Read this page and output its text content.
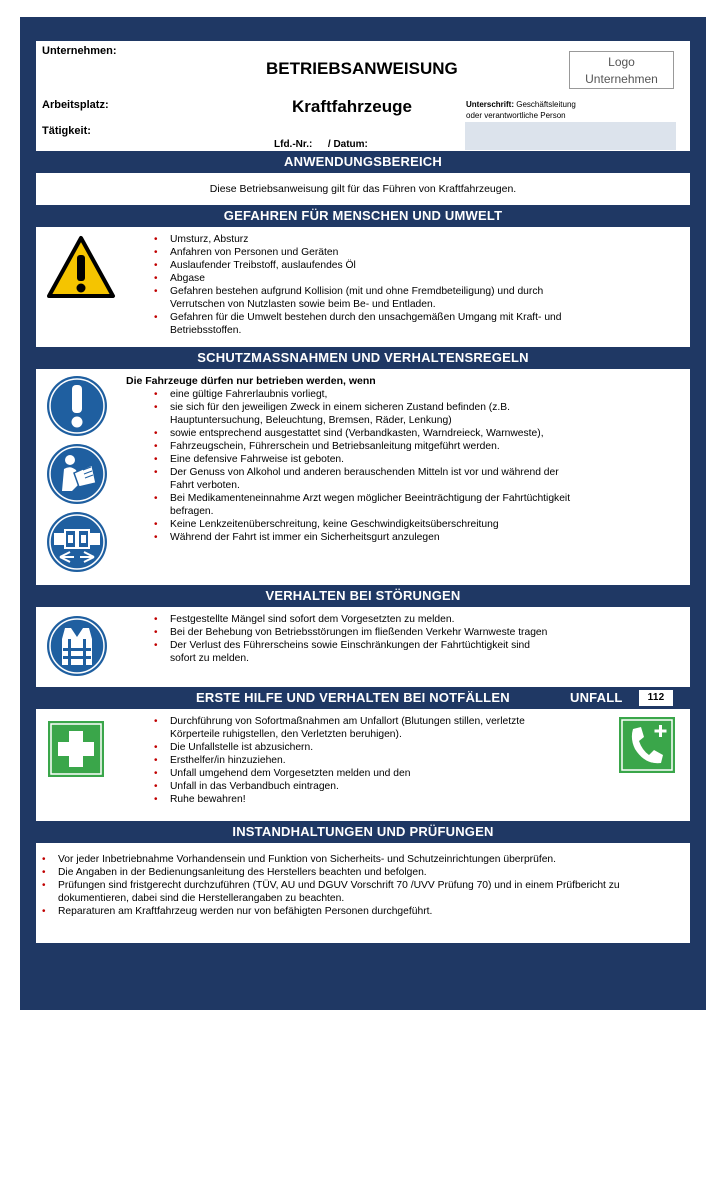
Unternehmen:
BETRIEBSANWEISUNG	Logo
Unternehmen
Arbeitsplatz:	Kraftfahrzeuge	Unterschrift: Geschäftsleitung
oder verantwortliche Person
Tätigkeit:
Lfd.-Nr.: / Datum:
ANWENDUNGSBEREICH
Diese Betriebsanweisung gilt für das Führen von Kraftfahrzeugen.
GEFAHREN FÜR MENSCHEN UND UMWELT
• Umsturz, Absturz
• Anfahren von Personen und Geräten
• Auslaufender Treibstoff, auslaufendes Öl
• Abgase
• Gefahren bestehen aufgrund Kollision (mit und ohne Fremdbeteiligung) und durch Verrutschen von Nutzlasten sowie beim Be- und Entladen.
• Gefahren für die Umwelt bestehen durch den unsachgemäßen Umgang mit Kraft- und Betriebsstoffen.
SCHUTZMASSNAHMEN UND VERHALTENSREGELN
Die Fahrzeuge dürfen nur betrieben werden, wenn
• eine gültige Fahrerlaubnis vorliegt,
• sie sich für den jeweiligen Zweck in einem sicheren Zustand befinden (z.B. Hauptuntersuchung, Beleuchtung, Bremsen, Räder, Lenkung)
• sowie entsprechend ausgestattet sind (Verbandkasten, Warndreieck, Warnweste),
• Fahrzeugschein, Führerschein und Betriebsanleitung mitgeführt werden.
• Eine defensive Fahrweise ist geboten.
• Der Genuss von Alkohol und anderen berauschenden Mitteln ist vor und während der Fahrt verboten.
• Bei Medikamenteneinnahme Arzt wegen möglicher Beeinträchtigung der Fahrtüchtigkeit befragen.
• Keine Lenkzeitenüberschreitung, keine Geschwindigkeitsüberschreitung
• Während der Fahrt ist immer ein Sicherheitsgurt anzulegen
VERHALTEN BEI STÖRUNGEN
• Festgestellte Mängel sind sofort dem Vorgesetzten zu melden.
• Bei der Behebung von Betriebsstörungen im fließenden Verkehr Warnweste tragen
• Der Verlust des Führerscheins sowie Einschränkungen der Fahrtüchtigkeit sind sofort zu melden.
ERSTE HILFE UND VERHALTEN BEI NOTFÄLLEN	UNFALL	112
• Durchführung von Sofortmaßnahmen am Unfallort (Blutungen stillen, verletzte Körperteile ruhigstellen, den Verletzten beruhigen).
• Die Unfallstelle ist abzusichern.
• Ersthelfer/in hinzuziehen.
• Unfall umgehend dem Vorgesetzten melden und den
• Unfall in das Verbandbuch eintragen.
• Ruhe bewahren!
INSTANDHALTUNGEN UND PRÜFUNGEN
• Vor jeder Inbetriebnahme Vorhandensein und Funktion von Sicherheits- und Schutzeinrichtungen überprüfen.
• Die Angaben in der Bedienungsanleitung des Herstellers beachten und befolgen.
• Prüfungen sind fristgerecht durchzuführen (TÜV, AU und DGUV Vorschrift 70 /UVV Prüfung 70) und in einem Prüfbericht zu dokumentieren, dabei sind die Herstellerangaben zu beachten.
• Reparaturen am Kraftfahrzeug werden nur von befähigten Personen durchgeführt.
